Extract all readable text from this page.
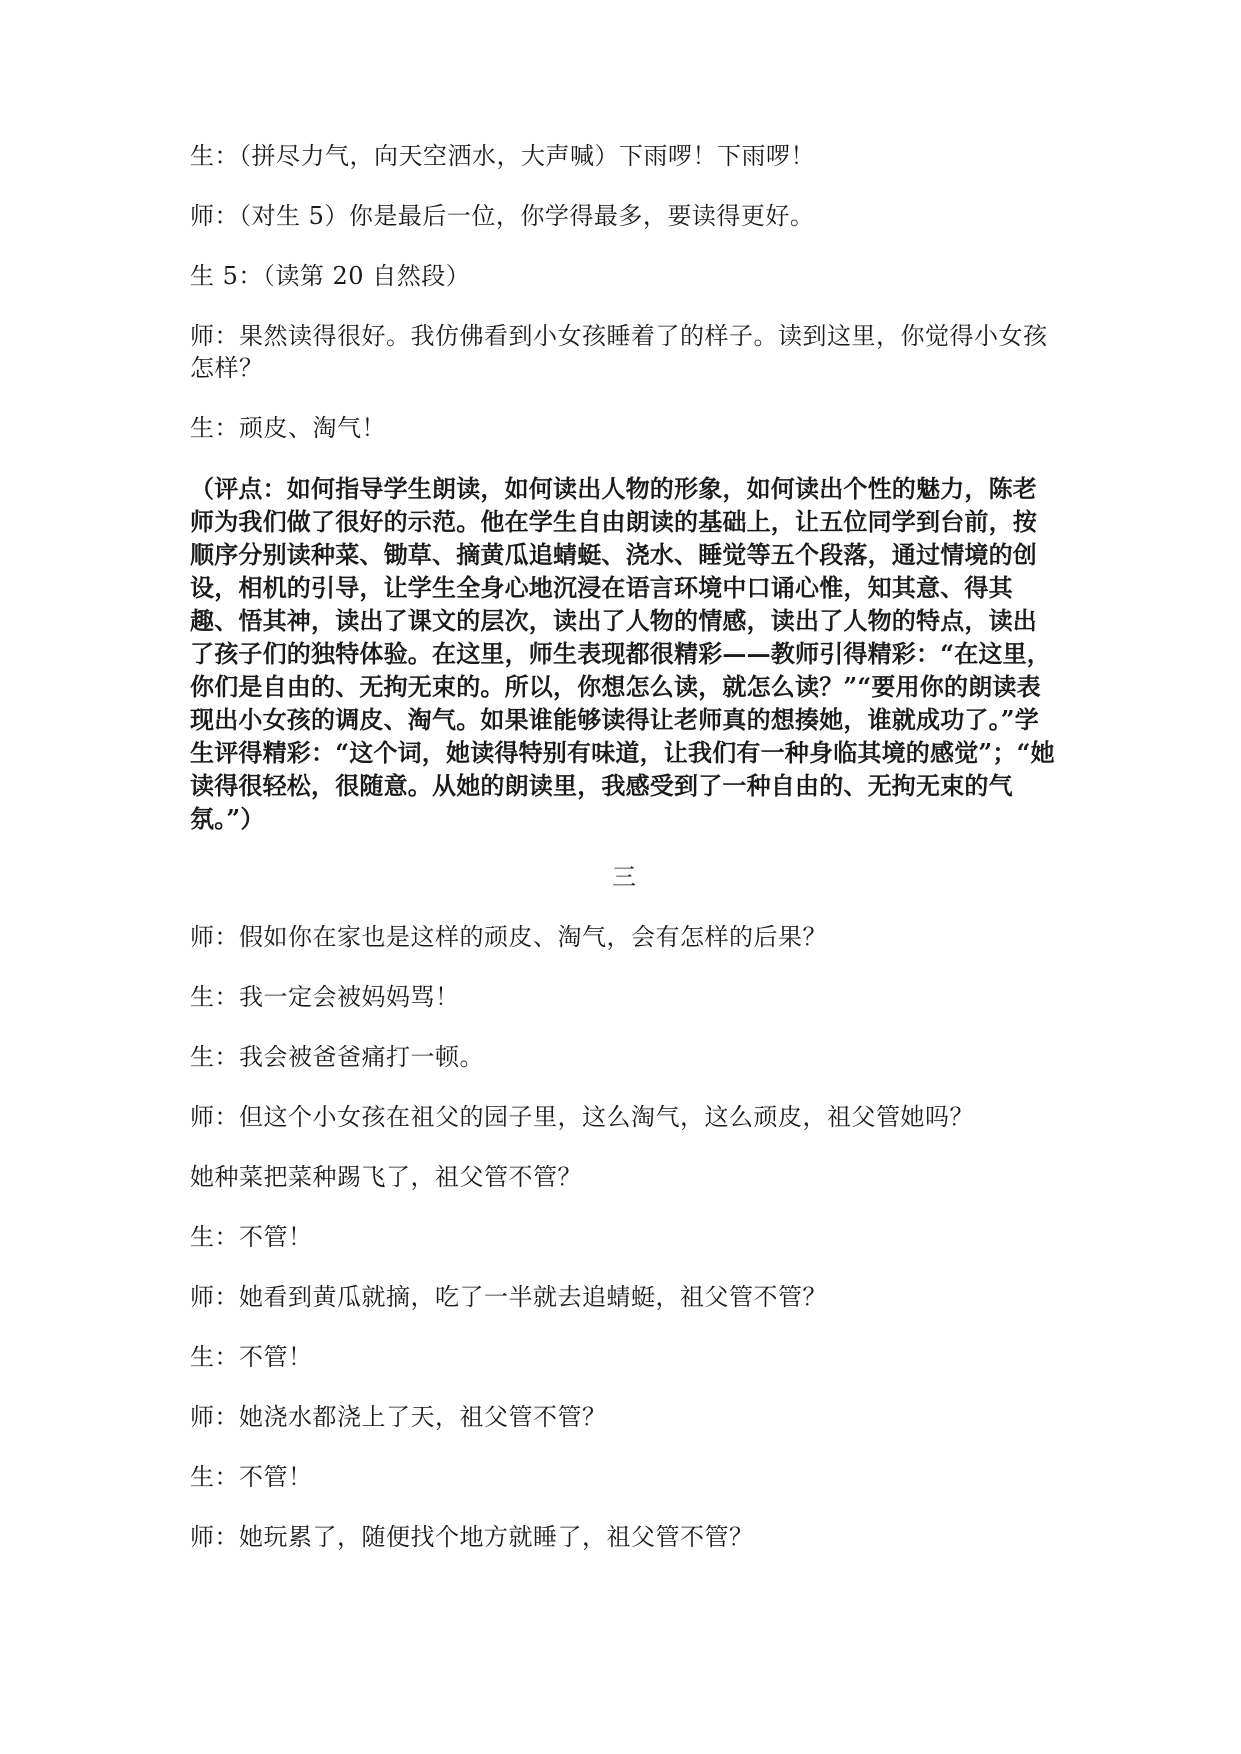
生：（拼尽力气，向天空洒水，大声喊）下雨啰！下雨啰！

师：（对生 5）你是最后一位，你学得最多，要读得更好。

生 5：（读第 20 自然段）

师：果然读得很好。我仿佛看到小女孩睡着了的样子。读到这里，你觉得小女孩怎样？

生：顽皮、淘气！

（评点：如何指导学生朗读，如何读出人物的形象，如何读出个性的魅力，陈老师为我们做了很好的示范。他在学生自由朗读的基础上，让五位同学到台前，按顺序分别读种菜、锄草、摘黄瓜追蜻蜓、浇水、睡觉等五个段落，通过情境的创设，相机的引导，让学生全身心地沉浸在语言环境中口诵心惟，知其意、得其趣、悟其神，读出了课文的层次，读出了人物的情感，读出了人物的特点，读出了孩子们的独特体验。在这里，师生表现都很精彩——教师引得精彩：“在这里，你们是自由的、无拘无束的。所以，你想怎么读，就怎么读？”“要用你的朗读表现出小女孩的调皮、淘气。如果谁能够读得让老师真的想揍她，谁就成功了。”学生评得精彩：“这个词，她读得特别有味道，让我们有一种身临其境的感觉”；“她读得很轻松，很随意。从她的朗读里，我感受到了一种自由的、无拘无束的气氛。”）

三

师：假如你在家也是这样的顽皮、淘气，会有怎样的后果？

生：我一定会被妈妈骂！

生：我会被爸爸痛打一顿。

师：但这个小女孩在祖父的园子里，这么淘气，这么顽皮，祖父管她吗？

她种菜把菜种踢飞了，祖父管不管？

生：不管！

师：她看到黄瓜就摘，吃了一半就去追蜻蜓，祖父管不管？

生：不管！

师：她浇水都浇上了天，祖父管不管？

生：不管！

师：她玩累了，随便找个地方就睡了，祖父管不管？
